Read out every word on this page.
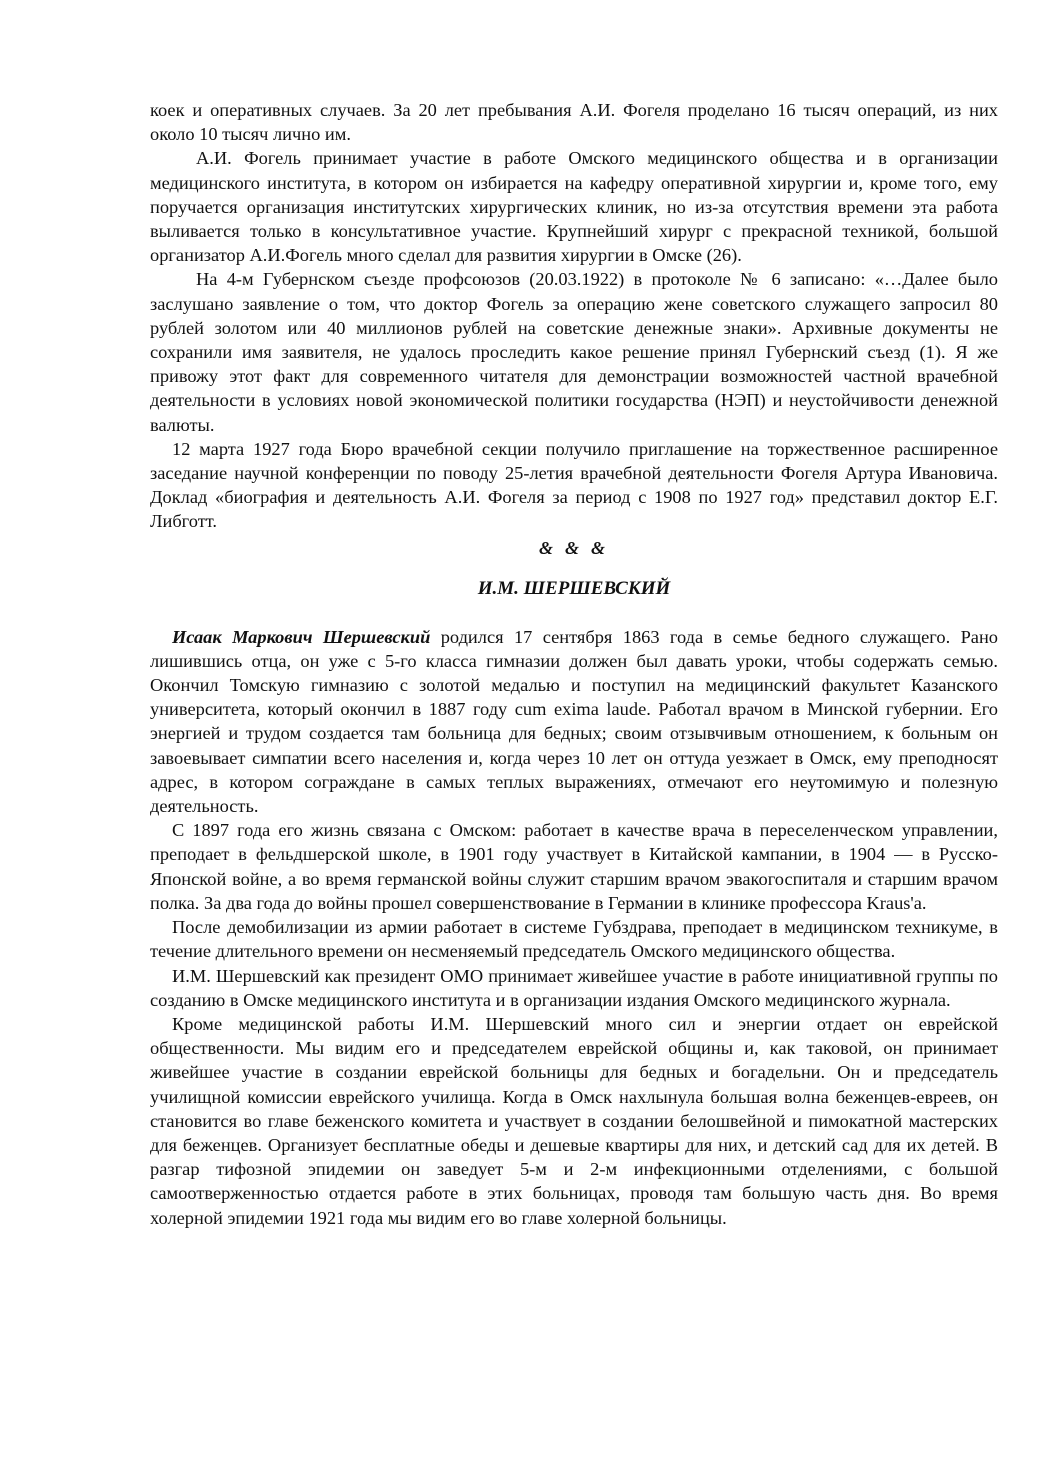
коек и оперативных случаев. За 20 лет пребывания А.И. Фогеля проделано 16 тысяч операций, из них около 10 тысяч лично им.

А.И. Фогель принимает участие в работе Омского медицинского общества и в организации медицинского института, в котором он избирается на кафедру оперативной хирургии и, кроме того, ему поручается организация институтских хирургических клиник, но из-за отсутствия времени эта работа выливается только в консультативное участие. Крупнейший хирург с прекрасной техникой, большой организатор А.И.Фогель много сделал для развития хирургии в Омске (26).

На 4-м Губернском съезде профсоюзов (20.03.1922) в протоколе № 6 записано: «…Далее было заслушано заявление о том, что доктор Фогель за операцию жене советского служащего запросил 80 рублей золотом или 40 миллионов рублей на советские денежные знаки». Архивные документы не сохранили имя заявителя, не удалось проследить какое решение принял Губернский съезд (1). Я же привожу этот факт для современного читателя для демонстрации возможностей частной врачебной деятельности в условиях новой экономической политики государства (НЭП) и неустойчивости денежной валюты.

12 марта 1927 года Бюро врачебной секции получило приглашение на торжественное расширенное заседание научной конференции по поводу 25-летия врачебной деятельности Фогеля Артура Ивановича. Доклад «биография и деятельность А.И. Фогеля за период с 1908 по 1927 год» представил доктор Е.Г. Либготт.

& & &
И.М. ШЕРШЕВСКИЙ

Исаак Маркович Шершевский родился 17 сентября 1863 года в семье бедного служащего. Рано лишившись отца, он уже с 5-го класса гимназии должен был давать уроки, чтобы содержать семью. Окончил Томскую гимназию с золотой медалью и поступил на медицинский факультет Казанского университета, который окончил в 1887 году cum exima laude. Работал врачом в Минской губернии. Его энергией и трудом создается там больница для бедных; своим отзывчивым отношением, к больным он завоевывает симпатии всего населения и, когда через 10 лет он оттуда уезжает в Омск, ему преподносят адрес, в котором сограждане в самых теплых выражениях, отмечают его неутомимую и полезную деятельность.

С 1897 года его жизнь связана с Омском: работает в качестве врача в переселенческом управлении, преподает в фельдшерской школе, в 1901 году участвует в Китайской кампании, в 1904 — в Русско-Японской войне, а во время германской войны служит старшим врачом эвакогоспиталя и старшим врачом полка. За два года до войны прошел совершенствование в Германии в клинике профессора Kraus'a.

После демобилизации из армии работает в системе Губздрава, преподает в медицинском техникуме, в течение длительного времени он несменяемый председатель Омского медицинского общества.

И.М. Шершевский как президент ОМО принимает живейшее участие в работе инициативной группы по созданию в Омске медицинского института и в организации издания Омского медицинского журнала.

Кроме медицинской работы И.М. Шершевский много сил и энергии отдает он еврейской общественности. Мы видим его и председателем еврейской общины и, как таковой, он принимает живейшее участие в создании еврейской больницы для бедных и богадельни. Он и председатель училищной комиссии еврейского училища. Когда в Омск нахлынула большая волна беженцев-евреев, он становится во главе беженского комитета и участвует в создании белошвейной и пимокатной мастерских для беженцев. Организует бесплатные обеды и дешевые квартиры для них, и детский сад для их детей. В разгар тифозной эпидемии он заведует 5-м и 2-м инфекционными отделениями, с большой самоотверженностью отдается работе в этих больницах, проводя там большую часть дня. Во время холерной эпидемии 1921 года мы видим его во главе холерной больницы.
